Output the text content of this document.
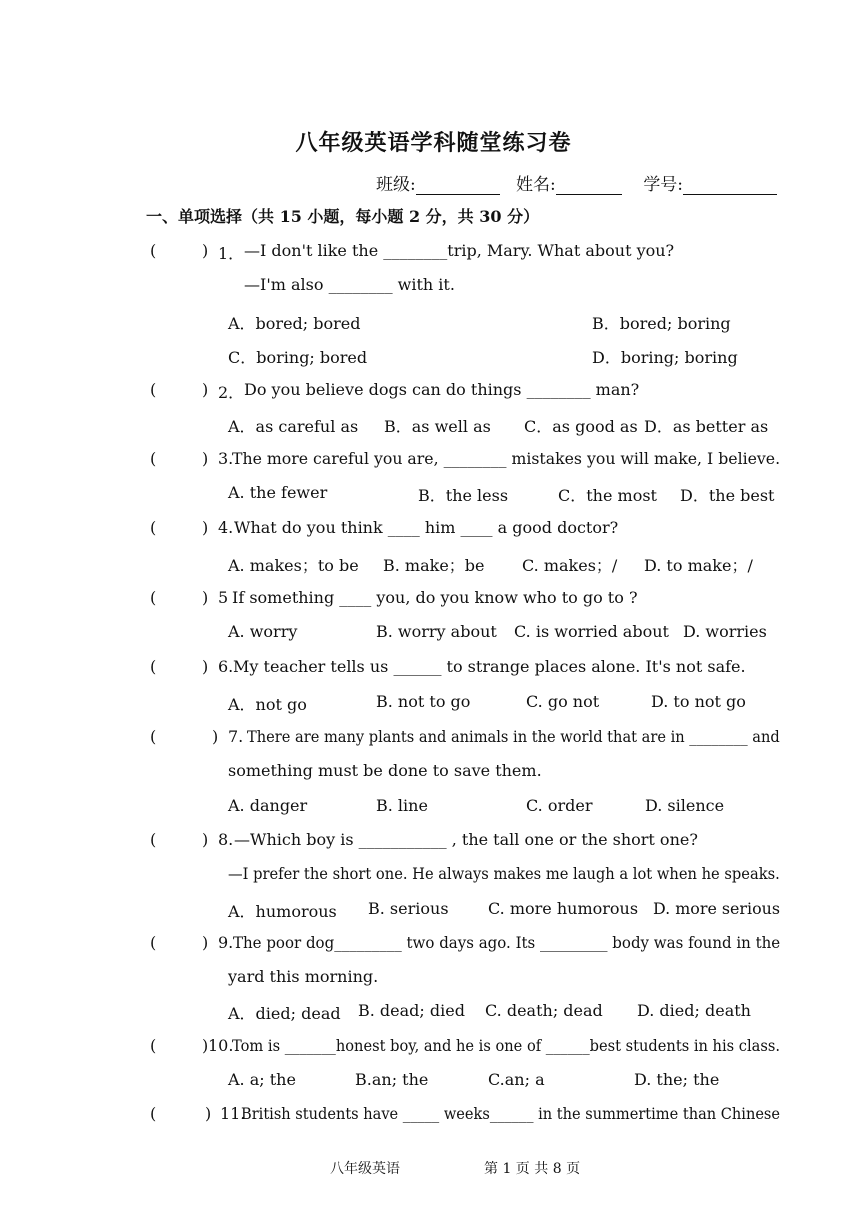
八年级英语学科随堂练习卷
班级:	姓名:	学号:
一、单项选择（共 15 小题，每小题 2 分，共 30 分）
(	) 1． —I don't like the ________trip, Mary. What about you?
—I'm also ________ with it.
A．bored; bored	B．bored; boring
C．boring; bored	D．boring; boring
(	) 2． Do you believe dogs can do things ________ man?
A．as careful as B．as well as C．as good as D．as better as
(	) 3.
The more careful you are, ________ mistakes you will make, I believe.
A. the fewer	B．the less	C．the most D．the best
(	) 4. What do you think ____ him ____ a good doctor?
A. makes；to be B. make；be C. makes；/ D. to make；/
(	) 5 If something ____ you, do you know who to go to ?
A. worry	B. worry about C. is worried about D. worries
(	) 6. My teacher tells us ______ to strange places alone. It's not safe.
A．not go	B. not to go	C. go not	D. to not go
(	) 7. There are many plants and animals in the world that are in ________ and
something must be done to save them.
A. danger	B. line	C. order	D. silence
(	) 8. —Which boy is ___________ , the tall one or the short one?
—I prefer the short one. He always makes me laugh a lot when he speaks.
A．humorous B. serious C. more humorous D. more serious
(	) 9. The poor dog_________ two days ago. Its _________ body was found in the
yard this morning.
A．died; dead B. dead; died C. death; dead D. died; death
(	) 10.
Tom is _______honest boy, and he is one of ______best students in his class.
A. a; the	B.an; the	C.an; a	D. the; the
(	) 11.
British students have _____ weeks______ in the summertime than Chinese
八年级英语	第 1 页 共 8 页
